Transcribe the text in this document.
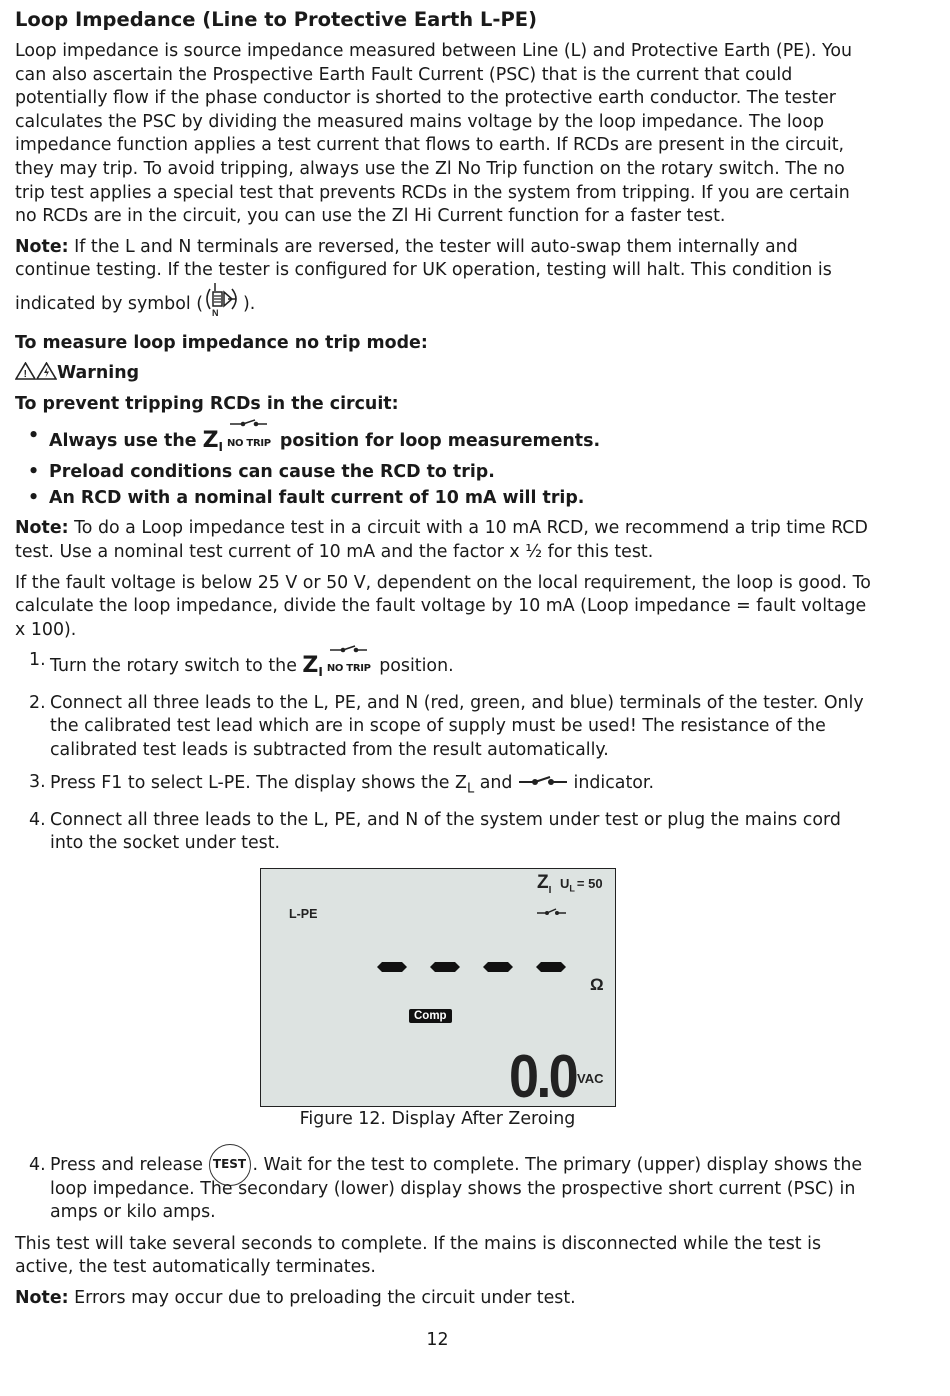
Loop Impedance (Line to Protective Earth L-PE)

Loop impedance is source impedance measured between Line (L) and Protective Earth (PE). You can also ascertain the Prospective Earth Fault Current (PSC) that is the current that could potentially flow if the phase conductor is shorted to the protective earth conductor. The tester calculates the PSC by dividing the measured mains voltage by the loop impedance. The loop impedance function applies a test current that flows to earth. If RCDs are present in the circuit, they may trip. To avoid tripping, always use the Zl No Trip function on the rotary switch. The no trip test applies a special test that prevents RCDs in the system from tripping. If you are certain no RCDs are in the circuit, you can use the Zl Hi Current function for a faster test.

Note: If the L and N terminals are reversed, the tester will auto-swap them internally and continue testing. If the tester is configured for UK operation, testing will halt. This condition is indicated by symbol ( N ).

To measure loop impedance no trip mode:
! Warning
To prevent tripping RCDs in the circuit:
• Always use the $Z_I$ NO TRIP position for loop measurements.
• Preload conditions can cause the RCD to trip.
• An RCD with a nominal fault current of 10 mA will trip.

Note: To do a Loop impedance test in a circuit with a 10 mA RCD, we recommend a trip time RCD test. Use a nominal test current of 10 mA and the factor x ½ for this test.

If the fault voltage is below 25 V or 50 V, dependent on the local requirement, the loop is good. To calculate the loop impedance, divide the fault voltage by 10 mA (Loop impedance = fault voltage x 100).

1. Turn the rotary switch to the $Z_I$ NO TRIP position.
2. Connect all three leads to the L, PE, and N (red, green, and blue) terminals of the tester. Only the calibrated test lead which are in scope of supply must be used! The resistance of the calibrated test leads is subtracted from the result automatically.
3. Press F1 to select L-PE. The display shows the $Z_L$ and	indicator.
4. Connect all three leads to the L, PE, and N of the system under test or plug the mains cord into the socket under test.
L-PE
$Z_I$ $U_L = 50$
Ω
Comp
0.0 VAC
Figure 12. Display After Zeroing
4. Press and release TEST . Wait for the test to complete. The primary (upper) display shows the loop impedance. The secondary (lower) display shows the prospective short current (PSC) in amps or kilo amps.

This test will take several seconds to complete. If the mains is disconnected while the test is active, the test automatically terminates.

Note: Errors may occur due to preloading the circuit under test.

12
